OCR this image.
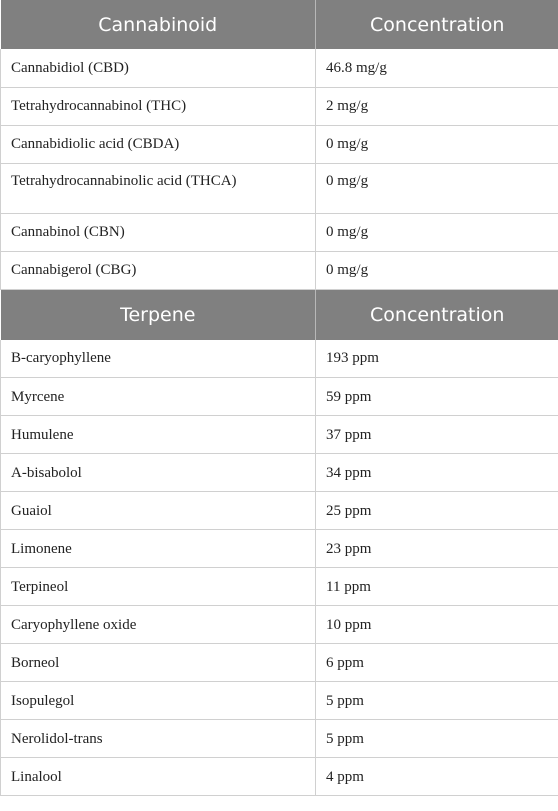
Cannabinoid	Concentration
Cannabidiol (CBD)	46.8 mg/g
Tetrahydrocannabinol (THC)	2 mg/g
Cannabidiolic acid (CBDA)	0 mg/g
Tetrahydrocannabinolic acid (THCA)	0 mg/g
Cannabinol (CBN)	0 mg/g
Cannabigerol (CBG)	0 mg/g
Terpene	Concentration
B-caryophyllene	193 ppm
Myrcene	59 ppm
Humulene	37 ppm
A-bisabolol	34 ppm
Guaiol	25 ppm
Limonene	23 ppm
Terpineol	11 ppm
Caryophyllene oxide	10 ppm
Borneol	6 ppm
Isopulegol	5 ppm
Nerolidol-trans	5 ppm
Linalool	4 ppm
